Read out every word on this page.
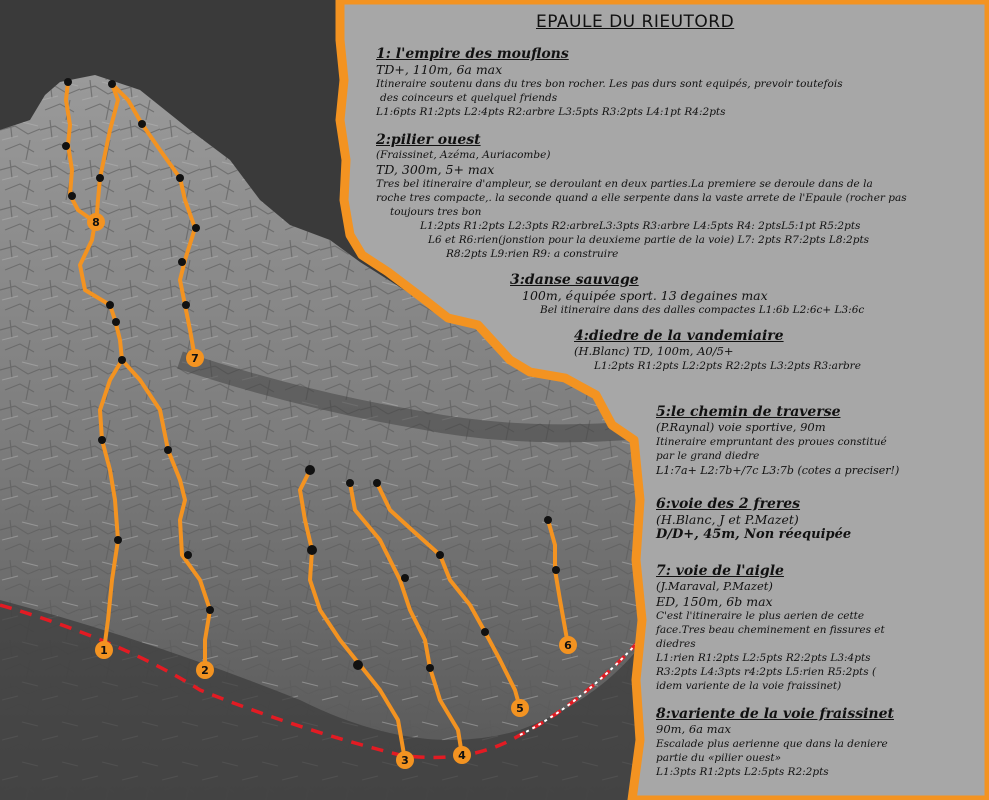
1
2
3	4
5
6
7
8
EPAULE DU RIEUTORD
1: l'empire des mouflons
TD+, 110m, 6a max
Itineraire soutenu dans du tres bon rocher. Les pas durs sont equipés, prevoir toutefois
des coinceurs et quelquel friends
L1:6pts R1:2pts L2:4pts R2:arbre L3:5pts R3:2pts L4:1pt R4:2pts
2:pilier ouest
(Fraissinet, Azéma, Auriacombe)
TD, 300m, 5+ max
Tres bel itineraire d'ampleur, se deroulant en deux parties.La premiere se deroule dans de la
roche tres compacte,. la seconde quand a elle serpente dans la vaste arrete de l'Epaule (rocher pas
toujours tres bon
L1:2pts R1:2pts L2:3pts R2:arbreL3:3pts R3:arbre L4:5pts R4: 2ptsL5:1pt R5:2pts
L6 et R6:rien(jonstion pour la deuxieme partie de la voie) L7: 2pts R7:2pts L8:2pts
R8:2pts L9:rien R9: a construire
3:danse sauvage
100m, équipée sport. 13 degaines max
Bel itineraire dans des dalles compactes L1:6b L2:6c+ L3:6c
4:diedre de la vandemiaire
(H.Blanc) TD, 100m, A0/5+
L1:2pts R1:2pts L2:2pts R2:2pts L3:2pts R3:arbre
5:le chemin de traverse
(P.Raynal) voie sportive, 90m
Itineraire empruntant des proues constitué
par le grand diedre
L1:7a+ L2:7b+/7c L3:7b (cotes a preciser!)
6:voie des 2 freres
(H.Blanc, J et P.Mazet)
D/D+, 45m, Non réequipée
7: voie de l'aigle
(J.Maraval, P.Mazet)
ED, 150m, 6b max
C'est l'itineraire le plus aerien de cette
face.Tres beau cheminement en fissures et
diedres
L1:rien R1:2pts L2:5pts R2:2pts L3:4pts
R3:2pts L4:3pts r4:2pts L5:rien R5:2pts (
idem variente de la voie fraissinet)
8:variente de la voie fraissinet
90m, 6a max
Escalade plus aerienne que dans la deniere
partie du «pilier ouest»
L1:3pts R1:2pts L2:5pts R2:2pts
